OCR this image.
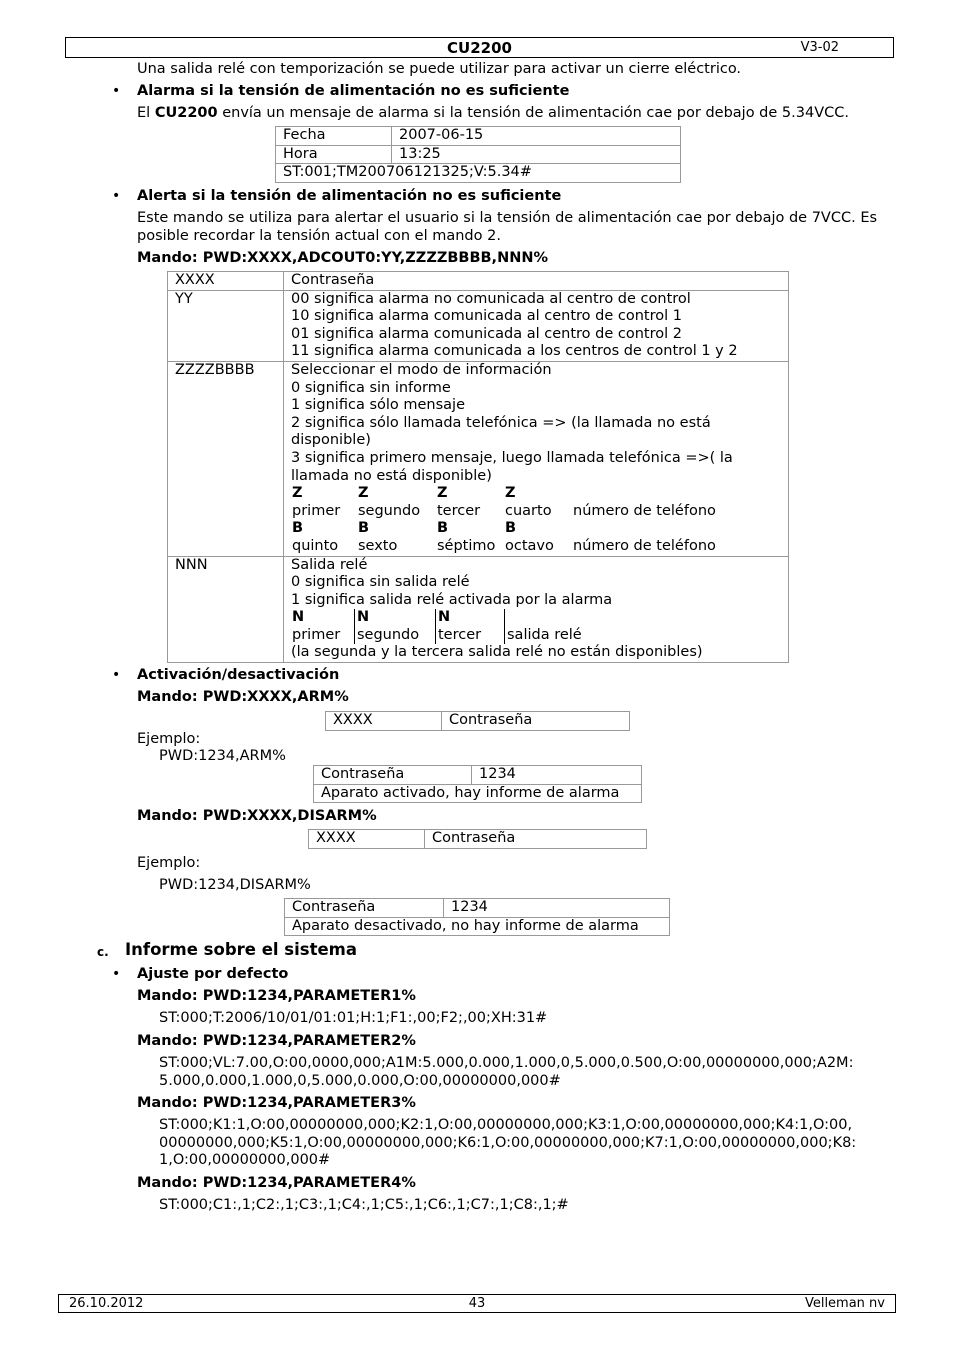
CU2200	V3-02
Una salida relé con temporización se puede utilizar para activar un cierre eléctrico.
• Alarma si la tensión de alimentación no es suficiente
El CU2200 envía un mensaje de alarma si la tensión de alimentación cae por debajo de 5.34VCC.
Fecha	2007-06-15
Hora	13:25
ST:001;TM200706121325;V:5.34#	
• Alerta si la tensión de alimentación no es suficiente
Este mando se utiliza para alertar el usuario si la tensión de alimentación cae por debajo de 7VCC. Es
posible recordar la tensión actual con el mando 2.
Mando: PWD:XXXX,ADCOUT0:YY,ZZZZBBBB,NNN%
XXXX	Contraseña
YY	00 significa alarma no comunicada al centro de control
10 significa alarma comunicada al centro de control 1
01 significa alarma comunicada al centro de control 2
11 significa alarma comunicada a los centros de control 1 y 2

ZZZZBBBB	Seleccionar el modo de información
0 significa sin informe
1 significa sólo mensaje
2 significa sólo llamada telefónica => (la llamada no está
disponible)
3 significa primero mensaje, luego llamada telefónica =>( la
llamada no está disponible)
Z	Z	Z	Z	
primer	segundo	tercer	cuarto	número de teléfono
B	B	B	B	
quinto	sexto	séptimo	octavo	número de teléfono

NNN	Salida relé
0 significa sin salida relé
1 significa salida relé activada por la alarma
N	N	N	
primer	segundo	tercer	salida relé
(la segunda y la tercera salida relé no están disponibles)
• Activación/desactivación
Mando: PWD:XXXX,ARM%
XXXX	Contraseña
Ejemplo:
PWD:1234,ARM%
Contraseña	1234
Aparato activado, hay informe de alarma
Mando: PWD:XXXX,DISARM%
XXXX	Contraseña
Ejemplo:
PWD:1234,DISARM%
Contraseña	1234
Aparato desactivado, no hay informe de alarma
c. Informe sobre el sistema
• Ajuste por defecto
Mando: PWD:1234,PARAMETER1%
ST:000;T:2006/10/01/01:01;H:1;F1:,00;F2;,00;XH:31#
Mando: PWD:1234,PARAMETER2%
ST:000;VL:7.00,O:00,0000,000;A1M:5.000,0.000,1.000,0,5.000,0.500,O:00,00000000,000;A2M:
5.000,0.000,1.000,0,5.000,0.000,O:00,00000000,000#
Mando: PWD:1234,PARAMETER3%
ST:000;K1:1,O:00,00000000,000;K2:1,O:00,00000000,000;K3:1,O:00,00000000,000;K4:1,O:00,
00000000,000;K5:1,O:00,00000000,000;K6:1,O:00,00000000,000;K7:1,O:00,00000000,000;K8:
1,O:00,00000000,000#
Mando: PWD:1234,PARAMETER4%
ST:000;C1:,1;C2:,1;C3:,1;C4:,1;C5:,1;C6:,1;C7:,1;C8:,1;#
26.10.2012	43	Velleman nv
